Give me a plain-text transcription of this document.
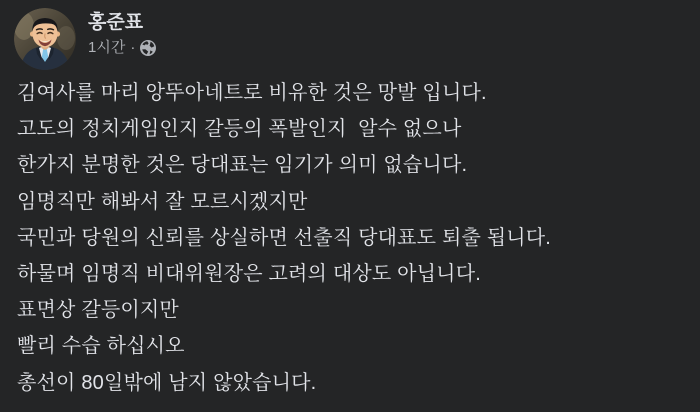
홍준표
1시간 ·

김여사를 마리 앙뚜아네트로 비유한 것은 망발 입니다.

고도의 정치게임인지 갈등의 폭발인지  알수 없으나

한가지 분명한 것은 당대표는 임기가 의미 없습니다.

임명직만 해봐서 잘 모르시겠지만

국민과 당원의 신뢰를 상실하면 선출직 당대표도 퇴출 됩니다.

하물며 임명직 비대위원장은 고려의 대상도 아닙니다.

표면상 갈등이지만

빨리 수습 하십시오

총선이 80일밖에 남지 않았습니다.
